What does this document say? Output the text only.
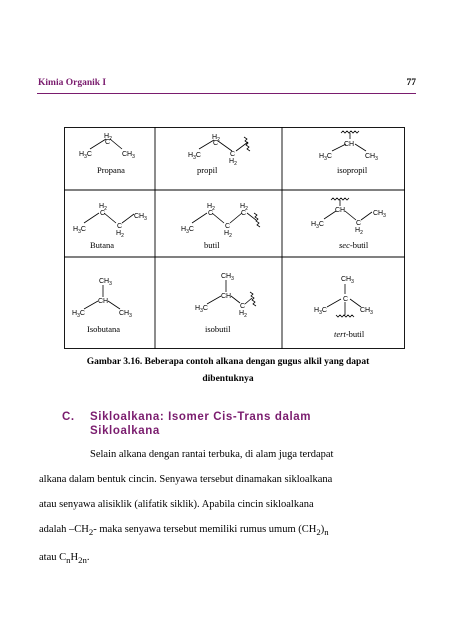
Kimia Organik I	77
$H_2$
C
$H_3C$	$CH_3$
Propana
$H_2$
C
C
$H_2$
$H_3C$
propil
CH
$H_3C$	$CH_3$
isopropil
$H_2$
C
C
$H_2$
$H_3C$
$CH_3$
Butana
$H_2$
C
C
$H_2$
$H_2$
C
$H_3C$
butil
CH
C
$H_2$
$H_3C$
$CH_3$
sec-butil
$CH_3$
CH
$H_3C$	$CH_3$
Isobutana
$CH_3$
CH
C
$H_2$
$H_3C$
isobutil
$CH_3$
C
$H_3C$	$CH_3$
tert-butil
Gambar 3.16. Beberapa contoh alkana dengan gugus alkil yang dapat
dibentuknya
C. Sikloalkana: Isomer Cis-Trans dalam
Sikloalkana
Selain alkana dengan rantai terbuka, di alam juga terdapat
alkana dalam bentuk cincin. Senyawa tersebut dinamakan sikloalkana
atau senyawa alisiklik (alifatik siklik). Apabila cincin sikloalkana
adalah $-CH_2-$ maka senyawa tersebut memiliki rumus umum $(CH_2)_n$
atau $C_nH_{2n}$.
